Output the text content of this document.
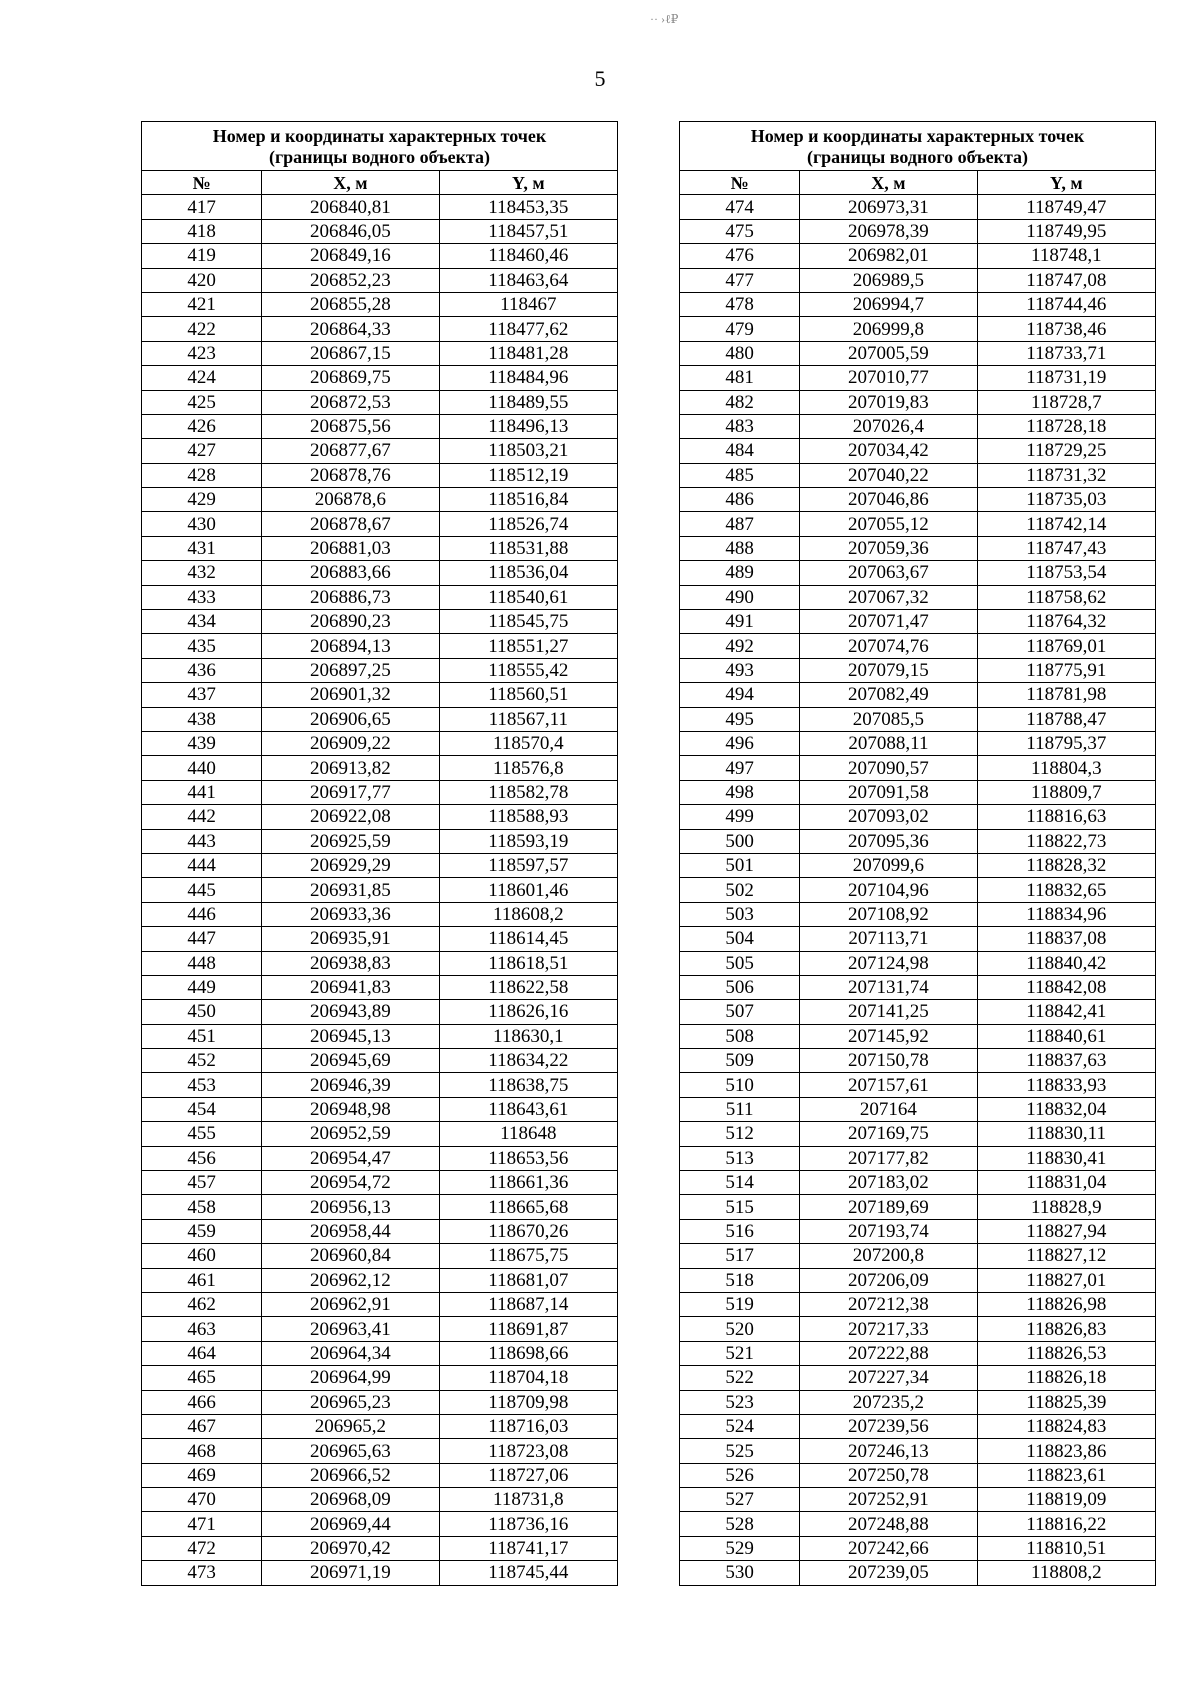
·· ›ℓ₽
5
Номер и координаты характерных точек
(границы водного объекта)		
№	X, м	Y, м
417	206840,81	118453,35
418	206846,05	118457,51
419	206849,16	118460,46
420	206852,23	118463,64
421	206855,28	118467
422	206864,33	118477,62
423	206867,15	118481,28
424	206869,75	118484,96
425	206872,53	118489,55
426	206875,56	118496,13
427	206877,67	118503,21
428	206878,76	118512,19
429	206878,6	118516,84
430	206878,67	118526,74
431	206881,03	118531,88
432	206883,66	118536,04
433	206886,73	118540,61
434	206890,23	118545,75
435	206894,13	118551,27
436	206897,25	118555,42
437	206901,32	118560,51
438	206906,65	118567,11
439	206909,22	118570,4
440	206913,82	118576,8
441	206917,77	118582,78
442	206922,08	118588,93
443	206925,59	118593,19
444	206929,29	118597,57
445	206931,85	118601,46
446	206933,36	118608,2
447	206935,91	118614,45
448	206938,83	118618,51
449	206941,83	118622,58
450	206943,89	118626,16
451	206945,13	118630,1
452	206945,69	118634,22
453	206946,39	118638,75
454	206948,98	118643,61
455	206952,59	118648
456	206954,47	118653,56
457	206954,72	118661,36
458	206956,13	118665,68
459	206958,44	118670,26
460	206960,84	118675,75
461	206962,12	118681,07
462	206962,91	118687,14
463	206963,41	118691,87
464	206964,34	118698,66
465	206964,99	118704,18
466	206965,23	118709,98
467	206965,2	118716,03
468	206965,63	118723,08
469	206966,52	118727,06
470	206968,09	118731,8
471	206969,44	118736,16
472	206970,42	118741,17
473	206971,19	118745,44
Номер и координаты характерных точек
(границы водного объекта)		
№	X, м	Y, м
474	206973,31	118749,47
475	206978,39	118749,95
476	206982,01	118748,1
477	206989,5	118747,08
478	206994,7	118744,46
479	206999,8	118738,46
480	207005,59	118733,71
481	207010,77	118731,19
482	207019,83	118728,7
483	207026,4	118728,18
484	207034,42	118729,25
485	207040,22	118731,32
486	207046,86	118735,03
487	207055,12	118742,14
488	207059,36	118747,43
489	207063,67	118753,54
490	207067,32	118758,62
491	207071,47	118764,32
492	207074,76	118769,01
493	207079,15	118775,91
494	207082,49	118781,98
495	207085,5	118788,47
496	207088,11	118795,37
497	207090,57	118804,3
498	207091,58	118809,7
499	207093,02	118816,63
500	207095,36	118822,73
501	207099,6	118828,32
502	207104,96	118832,65
503	207108,92	118834,96
504	207113,71	118837,08
505	207124,98	118840,42
506	207131,74	118842,08
507	207141,25	118842,41
508	207145,92	118840,61
509	207150,78	118837,63
510	207157,61	118833,93
511	207164	118832,04
512	207169,75	118830,11
513	207177,82	118830,41
514	207183,02	118831,04
515	207189,69	118828,9
516	207193,74	118827,94
517	207200,8	118827,12
518	207206,09	118827,01
519	207212,38	118826,98
520	207217,33	118826,83
521	207222,88	118826,53
522	207227,34	118826,18
523	207235,2	118825,39
524	207239,56	118824,83
525	207246,13	118823,86
526	207250,78	118823,61
527	207252,91	118819,09
528	207248,88	118816,22
529	207242,66	118810,51
530	207239,05	118808,2
